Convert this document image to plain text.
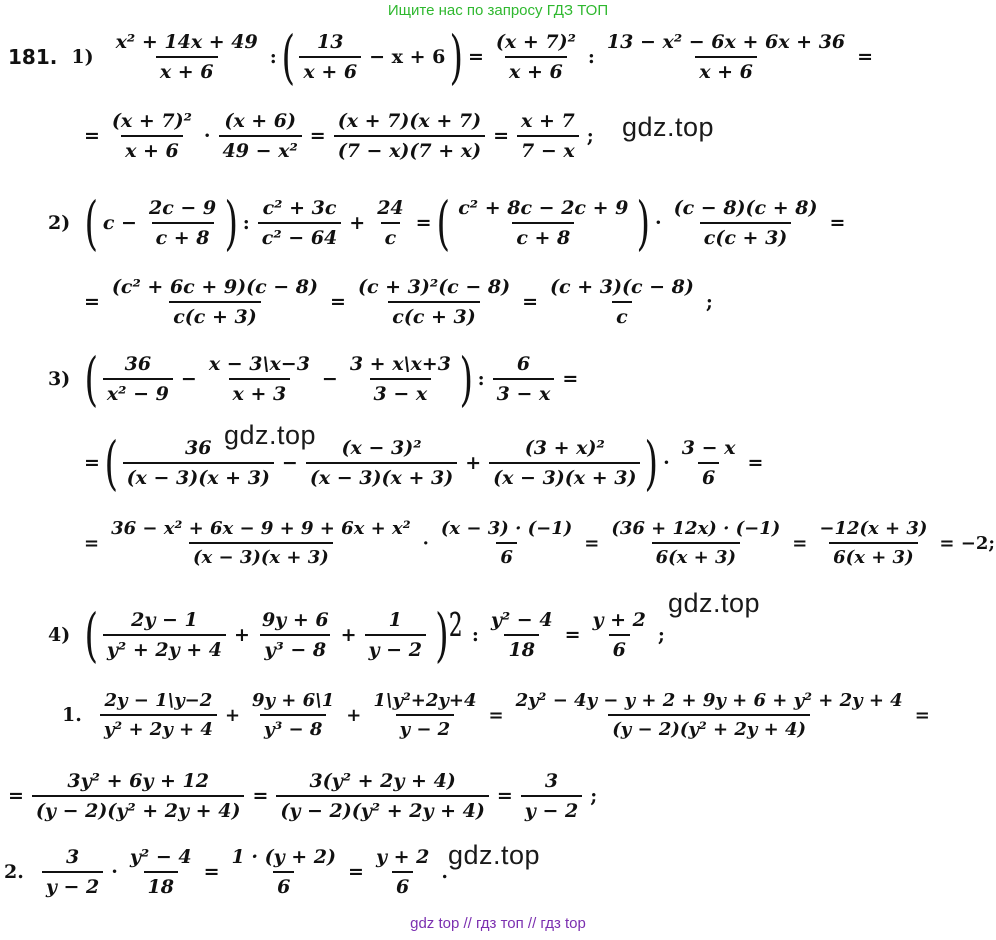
Ищите нас по запросу ГДЗ ТОП
gdz.top
gdz.top
gdz.top
gdz.top
181. $1) \frac{\text{x² + 14x + 49}}{x + 6}$ : ( $\frac{13}{x + 6} - x + 6$ ) = $\frac{\text{(x + 7)²}}{x + 6}$ : $\frac{\text{13 − x² − 6x + 6x + 36}}{x + 6}$ =
= $\frac{\text{(x + 7)²}}{x + 6} \cdot \frac{(x + 6)}{\text{49 − x²}} = \frac{(x + 7)(x + 7)}{(7 - x)(7 + x)} = \frac{x + 7}{7 - x}$ ;
2) ( $c - \frac{2c - 9}{c + 8}$ ) : $\frac{\text{c² + 3c}}{\text{c² − 64}} + \frac{24}{c}$ = ( $\frac{\text{c² + 8c − 2c + 9}}{c + 8}$ ) · $\frac{(c - 8)(c + 8)}{c(c + 3)}$ =
= $\frac{\text{(c² + 6c + 9)(c − 8)}}{c(c + 3)} = \frac{\text{(c + 3)²(c − 8)}}{c(c + 3)} = \frac{(c + 3)(c - 8)}{c}$ ;
3) ( $\frac{36}{\text{x² − 9}} - \frac{x - 3\backslash x-3}{x + 3} - \frac{3 + x\backslash x+3}{3 - x}$ ) : $\frac{6}{3 - x}$ =
= ( $\frac{36}{(x - 3)(x + 3)} - \frac{\text{(x − 3)²}}{(x - 3)(x + 3)} + \frac{\text{(3 + x)²}}{(x - 3)(x + 3)}$ ) · $\frac{3 - x}{6}$ =
= $\frac{\text{36 − x² + 6x − 9 + 9 + 6x + x²}}{(x - 3)(x + 3)} \cdot \frac{(x - 3) \cdot (-1)}{6} = \frac{(36 + 12x) \cdot (-1)}{6(x + 3)} = \frac{-12(x + 3)}{6(x + 3)} = -2$;
4) ( $\frac{2y - 1}{\text{y² + 2y + 4}} + \frac{9y + 6}{\text{y³ − 8}} + \frac{1}{y - 2} )^2$ : $\frac{\text{y² − 4}}{18} = \frac{y + 2}{6}$ ;
1. $\frac{2y - 1\backslash y-2}{\text{y² + 2y + 4}} + \frac{9y + 6\backslash 1}{\text{y³ − 8}} + \frac{\text{1\textbackslash{}y²+2y+4}}{y - 2} = \frac{\text{2y² − 4y − y + 2 + 9y + 6 + y² + 2y + 4}}{\text{(y − 2)(y² + 2y + 4)}}$ =
= $\frac{\text{3y² + 6y + 12}}{\text{(y − 2)(y² + 2y + 4)}} = \frac{\text{3(y² + 2y + 4)}}{\text{(y − 2)(y² + 2y + 4)}} = \frac{3}{y - 2}$ ;
2. $\frac{3}{y - 2} \cdot \frac{\text{y² − 4}}{18} = \frac{1 \cdot (y + 2)}{6} = \frac{y + 2}{6}$ .
gdz top // гдз топ // гдз top
